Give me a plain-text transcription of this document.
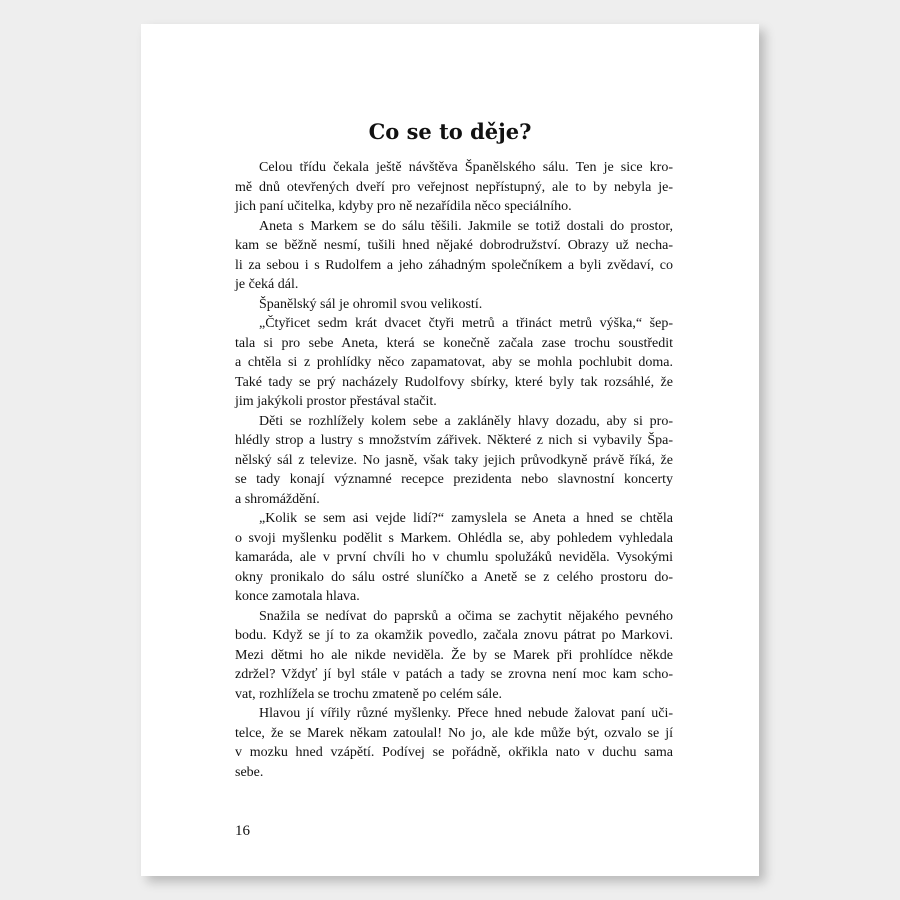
Co se to děje?
Celou třídu čekala ještě návštěva Španělského sálu. Ten je sice kro-
mě dnů otevřených dveří pro veřejnost nepřístupný, ale to by nebyla je-
jich paní učitelka, kdyby pro ně nezařídila něco speciálního.
Aneta s Markem se do sálu těšili. Jakmile se totiž dostali do prostor,
kam se běžně nesmí, tušili hned nějaké dobrodružství. Obrazy už necha-
li za sebou i s Rudolfem a jeho záhadným společníkem a byli zvědaví, co
je čeká dál.
Španělský sál je ohromil svou velikostí.
„Čtyřicet sedm krát dvacet čtyři metrů a třináct metrů výška,“ šep-
tala si pro sebe Aneta, která se konečně začala zase trochu soustředit
a chtěla si z prohlídky něco zapamatovat, aby se mohla pochlubit doma.
Také tady se prý nacházely Rudolfovy sbírky, které byly tak rozsáhlé, že
jim jakýkoli prostor přestával stačit.
Děti se rozhlížely kolem sebe a zakláněly hlavy dozadu, aby si pro-
hlédly strop a lustry s množstvím zářivek. Některé z nich si vybavily Špa-
nělský sál z televize. No jasně, však taky jejich průvodkyně právě říká, že
se tady konají významné recepce prezidenta nebo slavnostní koncerty
a shromáždění.
„Kolik se sem asi vejde lidí?“ zamyslela se Aneta a hned se chtěla
o svoji myšlenku podělit s Markem. Ohlédla se, aby pohledem vyhledala
kamaráda, ale v první chvíli ho v chumlu spolužáků neviděla. Vysokými
okny pronikalo do sálu ostré sluníčko a Anetě se z celého prostoru do-
konce zamotala hlava.
Snažila se nedívat do paprsků a očima se zachytit nějakého pevného
bodu. Když se jí to za okamžik povedlo, začala znovu pátrat po Markovi.
Mezi dětmi ho ale nikde neviděla. Že by se Marek při prohlídce někde
zdržel? Vždyť jí byl stále v patách a tady se zrovna není moc kam scho-
vat, rozhlížela se trochu zmateně po celém sále.
Hlavou jí vířily různé myšlenky. Přece hned nebude žalovat paní uči-
telce, že se Marek někam zatoulal! No jo, ale kde může být, ozvalo se jí
v mozku hned vzápětí. Podívej se pořádně, okřikla nato v duchu sama
sebe.
16
